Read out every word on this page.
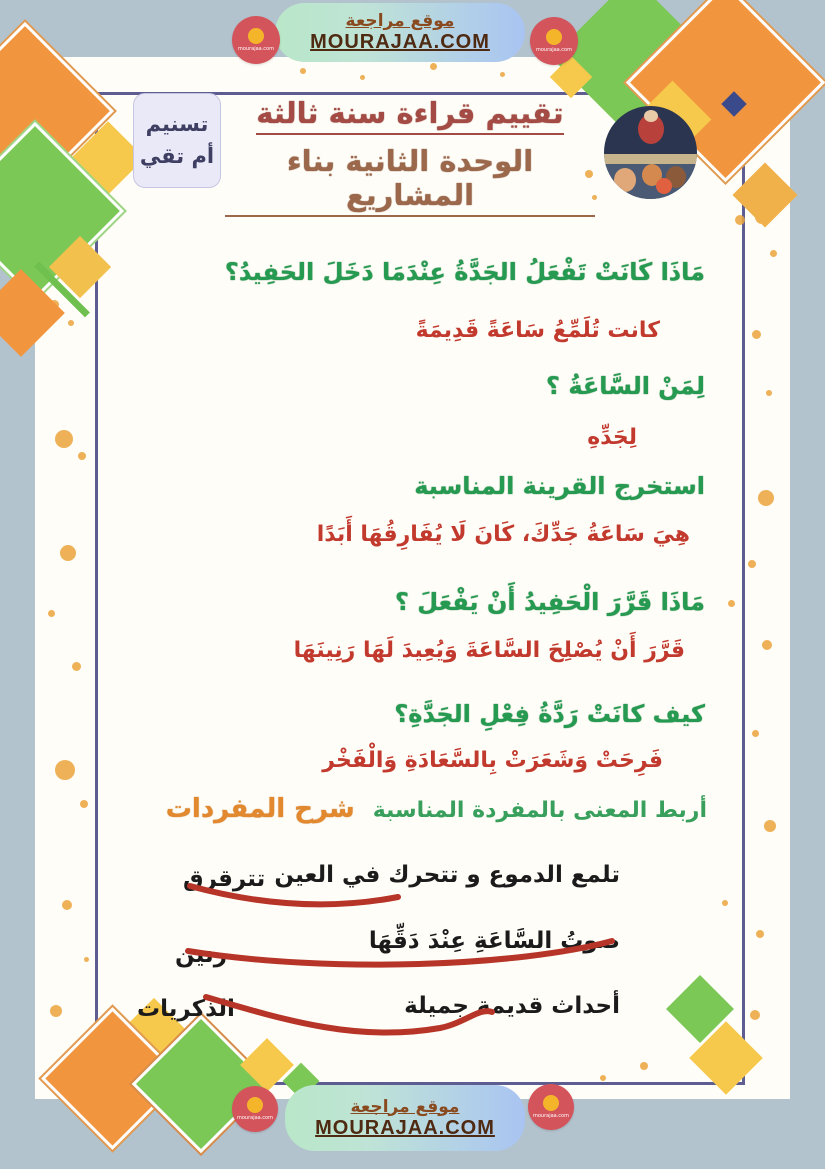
موقع مراجعة
MOURAJAA.COM
mourajaa.com	mourajaa.com
تسنيم
أم تقي
تقييم قراءة سنة ثالثة
الوحدة الثانية بناء المشاريع
مَاذَا كَانَتْ تَفْعَلُ الجَدَّةُ عِنْدَمَا دَخَلَ الحَفِيدُ؟
كانت تُلَمِّعُ سَاعَةً قَدِيمَةً
لِمَنْ السَّاعَةُ ؟
لِجَدِّهِ
استخرج القرينة المناسبة
هِيَ سَاعَةُ جَدِّكَ، كَانَ لَا يُفَارِقُهَا أَبَدًا
مَاذَا قَرَّرَ الْحَفِيدُ أَنْ يَفْعَلَ ؟
قَرَّرَ أَنْ يُصْلِحَ السَّاعَةَ وَيُعِيدَ لَهَا رَنِينَهَا
كيف كانَتْ رَدَّةُ فِعْلِ الجَدَّةِ؟
فَرِحَتْ وَشَعَرَتْ بِالسَّعَادَةِ وَالْفَخْر
شرح المفردات أربط المعنى بالمفردة المناسبة
تلمع الدموع و تتحرك في العين
تترقرق
صوتُ السَّاعَةِ عِنْدَ دَقِّهَا
رنين
أحداث قديمة جميلة
الذكريات
موقع مراجعة
MOURAJAA.COM
mourajaa.com	mourajaa.com
